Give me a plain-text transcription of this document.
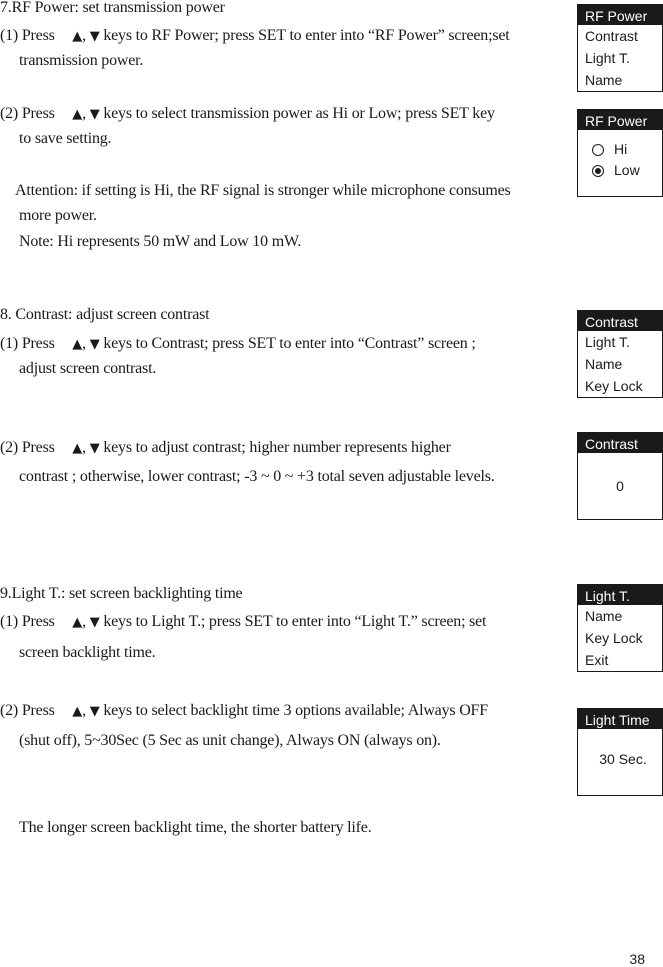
7.RF Power: set transmission power
(1) Press ▲, ▼ keys to RF Power; press SET to enter into “RF Power” screen;set
transmission power.
(2) Press ▲, ▼ keys to select transmission power as Hi or Low; press SET key
to save setting.
Attention: if setting is Hi, the RF signal is stronger while microphone consumes
more power.
Note: Hi represents 50 mW and Low 10 mW.
RF Power
Contrast
Light T.
Name
RF Power
Hi
Low
8. Contrast: adjust screen contrast
(1) Press ▲, ▼ keys to Contrast; press SET to enter into “Contrast” screen ;
adjust screen contrast.
(2) Press ▲, ▼ keys to adjust contrast; higher number represents higher
contrast ; otherwise, lower contrast; -3 ~ 0 ~ +3 total seven adjustable levels.
Contrast
Light T.
Name
Key Lock
Contrast
0
9.Light T.: set screen backlighting time
(1) Press ▲, ▼ keys to Light T.; press SET to enter into “Light T.” screen; set
screen backlight time.
(2) Press ▲, ▼ keys to select backlight time 3 options available; Always OFF
(shut off), 5~30Sec (5 Sec as unit change), Always ON (always on).
The longer screen backlight time, the shorter battery life.
Light T.
Name
Key Lock
Exit
Light Time
30 Sec.
38
